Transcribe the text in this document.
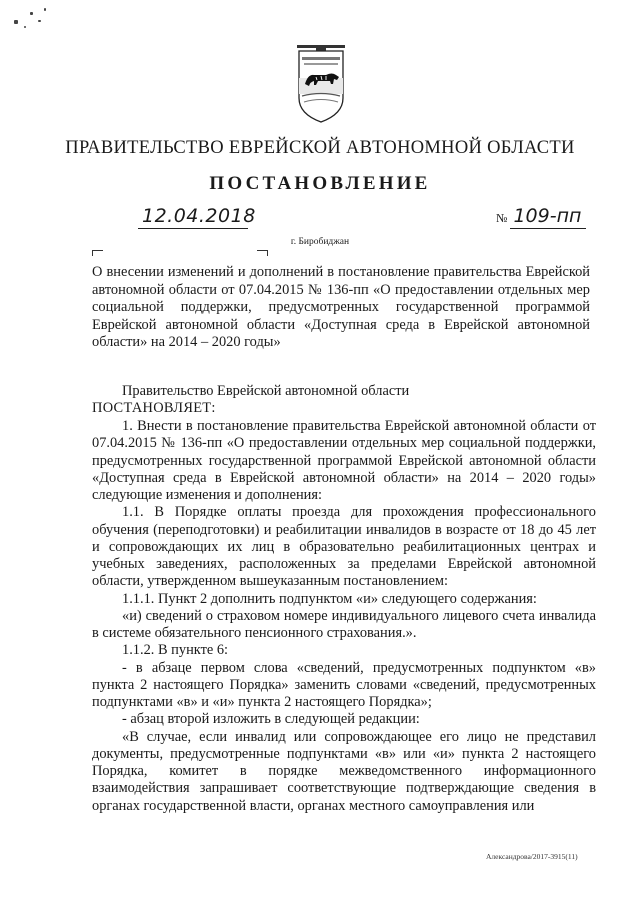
ПРАВИТЕЛЬСТВО ЕВРЕЙСКОЙ АВТОНОМНОЙ ОБЛАСТИ
ПОСТАНОВЛЕНИЕ
12.04.2018	№ 109-пп
г. Биробиджан
О внесении изменений и дополнений в постановление правительства Еврейской автономной области от 07.04.2015 № 136-пп «О предоставлении отдельных мер социальной поддержки, предусмотренных государственной программой Еврейской автономной области «Доступная среда в Еврейской автономной области» на 2014 – 2020 годы»
Правительство Еврейской автономной области
ПОСТАНОВЛЯЕТ:

1. Внести в постановление правительства Еврейской автономной области от 07.04.2015 № 136-пп «О предоставлении отдельных мер социальной поддержки, предусмотренных государственной программой Еврейской автономной области «Доступная среда в Еврейской автономной области» на 2014 – 2020 годы» следующие изменения и дополнения:

1.1. В Порядке оплаты проезда для прохождения профессионального обучения (переподготовки) и реабилитации инвалидов в возрасте от 18 до 45 лет и сопровождающих их лиц в образовательно реабилитационных центрах и учебных заведениях, расположенных за пределами Еврейской автономной области, утвержденном вышеуказанным постановлением:

1.1.1. Пункт 2 дополнить подпунктом «и» следующего содержания:

«и) сведений о страховом номере индивидуального лицевого счета инвалида в системе обязательного пенсионного страхования.».

1.1.2. В пункте 6:

- в абзаце первом слова «сведений, предусмотренных подпунктом «в» пункта 2 настоящего Порядка» заменить словами «сведений, предусмотренных подпунктами «в» и «и» пункта 2 настоящего Порядка»;

- абзац второй изложить в следующей редакции:

«В случае, если инвалид или сопровождающее его лицо не представил документы, предусмотренные подпунктами «в» или «и» пункта 2 настоящего Порядка, комитет в порядке межведомственного информационного взаимодействия запрашивает соответствующие подтверждающие сведения в органах государственной власти, органах местного самоуправления или

Александрова/2017-3915(11)
